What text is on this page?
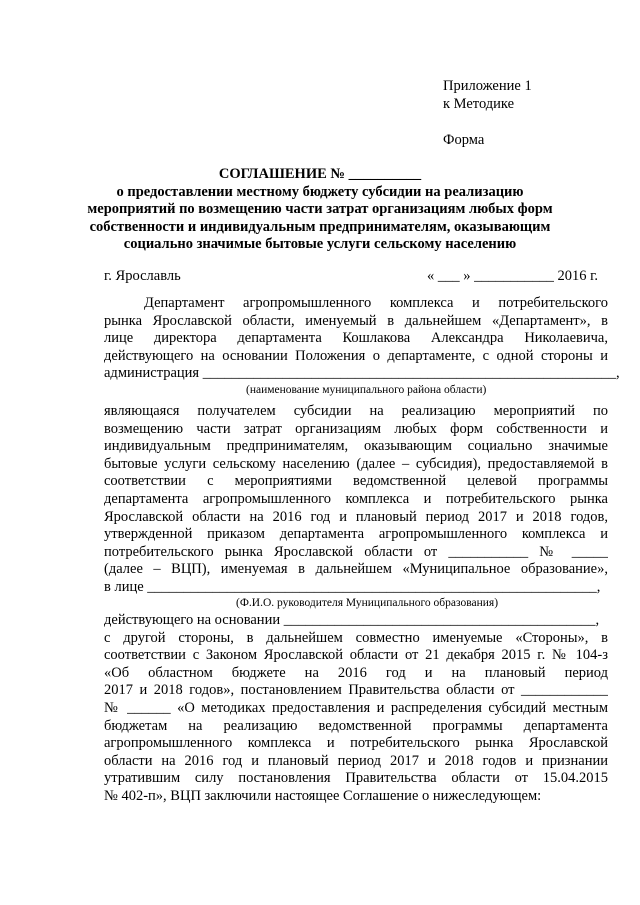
Приложение 1
к Методике
Форма
СОГЛАШЕНИЕ № __________
о предоставлении местному бюджету субсидии на реализацию
мероприятий по возмещению части затрат организациям любых форм
собственности и индивидуальным предпринимателям, оказывающим
социально значимые бытовые услуги сельскому населению
г. Ярославль	« ___ » ___________ 2016 г.
Департамент агропромышленного комплекса и потребительского
рынка Ярославской области, именуемый в дальнейшем «Департамент», в
лице директора департамента Кошлакова Александра Николаевича,
действующего на основании Положения о департаменте, с одной стороны и
администрация _________________________________________________________,
(наименование муниципального района области)
являющаяся получателем субсидии на реализацию мероприятий по
возмещению части затрат организациям любых форм собственности и
индивидуальным предпринимателям, оказывающим социально значимые
бытовые услуги сельскому населению (далее – субсидия), предоставляемой в
соответствии с мероприятиями ведомственной целевой программы
департамента агропромышленного комплекса и потребительского рынка
Ярославской области на 2016 год и плановый период 2017 и 2018 годов,
утвержденной приказом департамента агропромышленного комплекса и
потребительского рынка Ярославской области от ___________ № _____
(далее – ВЦП), именуемая в дальнейшем «Муниципальное образование»,
в лице ______________________________________________________________,
(Ф.И.О. руководителя Муниципального образования)
действующего на основании ___________________________________________,
с другой стороны, в дальнейшем совместно именуемые «Стороны», в
соответствии с Законом Ярославской области от 21 декабря 2015 г. № 104-з
«Об областном бюджете на 2016 год и на плановый период
2017 и 2018 годов», постановлением Правительства области от ____________
№ ______ «О методиках предоставления и распределения субсидий местным
бюджетам на реализацию ведомственной программы департамента
агропромышленного комплекса и потребительского рынка Ярославской
области на 2016 год и плановый период 2017 и 2018 годов и признании
утратившим силу постановления Правительства области от 15.04.2015
№ 402-п», ВЦП заключили настоящее Соглашение о нижеследующем:
